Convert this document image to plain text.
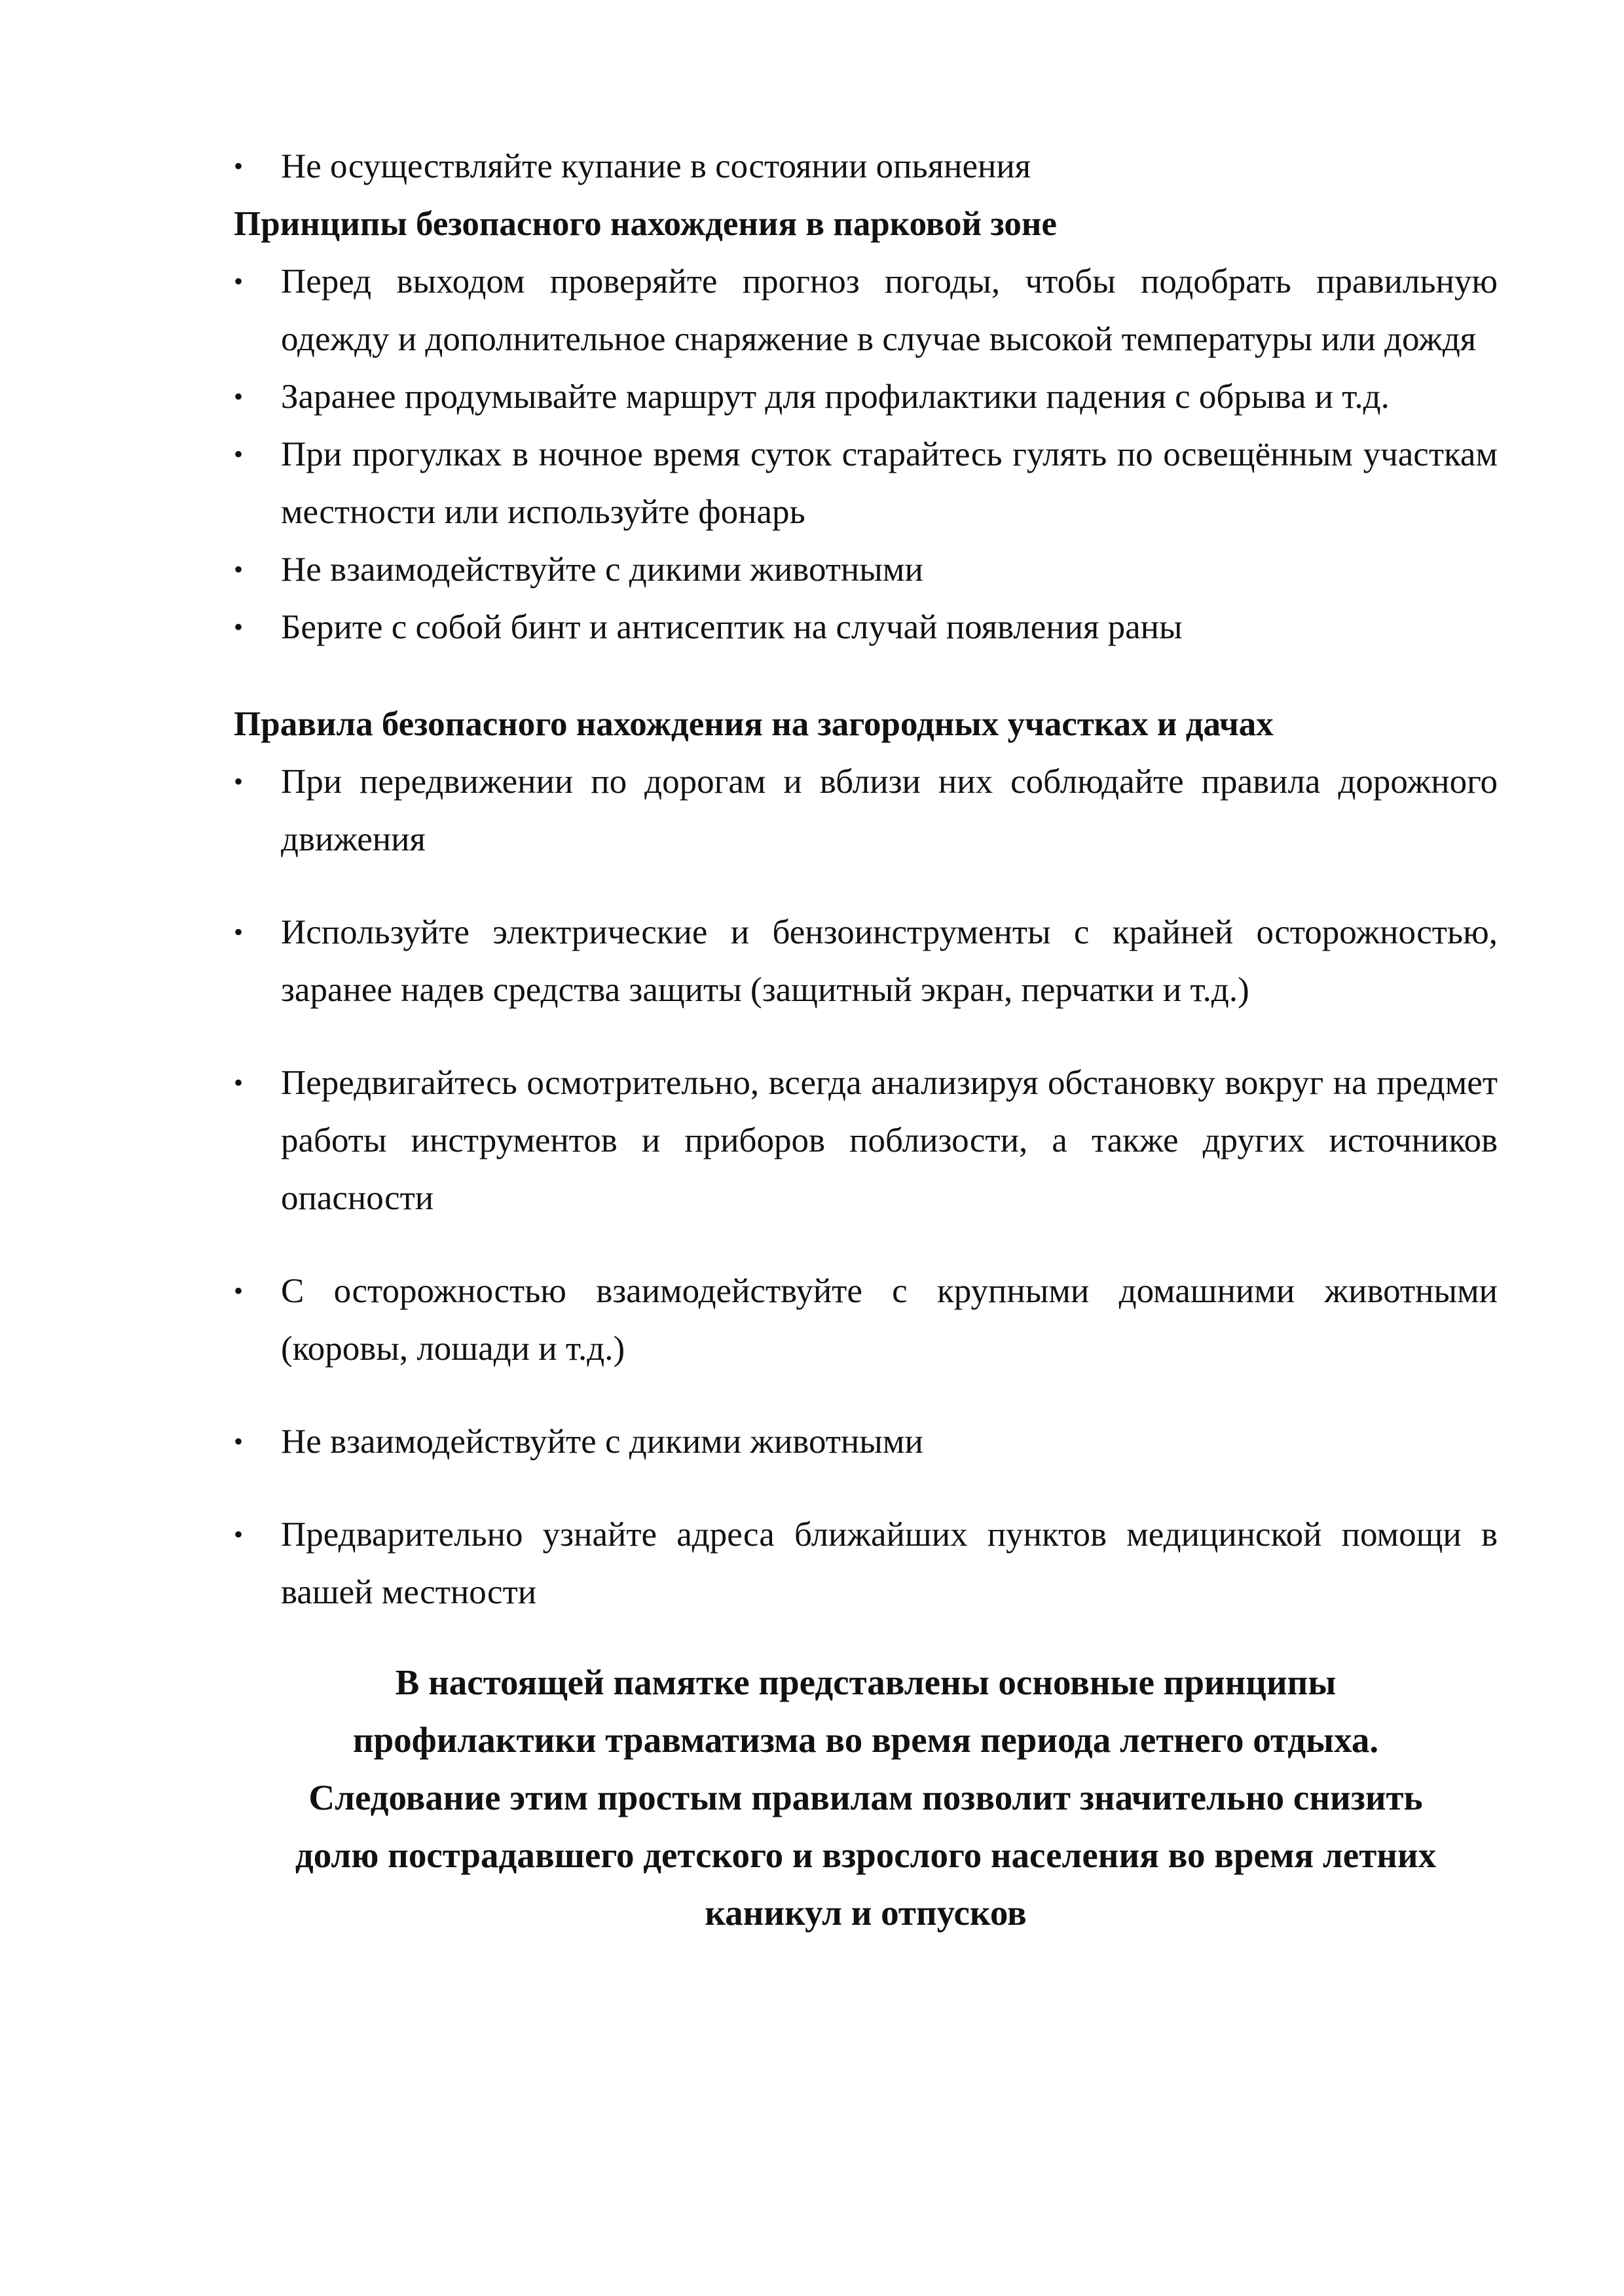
• Не осуществляйте купание в состоянии опьянения

Принципы безопасного нахождения в парковой зоне

• Перед выходом проверяйте прогноз погоды, чтобы подобрать правильную одежду и дополнительное снаряжение в случае высокой температуры или дождя
• Заранее продумывайте маршрут для профилактики падения с обрыва и т.д.
• При прогулках в ночное время суток старайтесь гулять по освещённым участкам местности или используйте фонарь
• Не взаимодействуйте с дикими животными
• Берите с собой бинт и антисептик на случай появления раны

Правила безопасного нахождения на загородных участках и дачах

• При передвижении по дорогам и вблизи них соблюдайте правила дорожного движения
• Используйте электрические и бензоинструменты с крайней осторожностью, заранее надев средства защиты (защитный экран, перчатки и т.д.)
• Передвигайтесь осмотрительно, всегда анализируя обстановку вокруг на предмет работы инструментов и приборов поблизости, а также других источников опасности
• С осторожностью взаимодействуйте с крупными домашними животными (коровы, лошади и т.д.)
• Не взаимодействуйте с дикими животными
• Предварительно узнайте адреса ближайших пунктов медицинской помощи в вашей местности
В настоящей памятке представлены основные принципы
профилактики травматизма во время периода летнего отдыха.
Следование этим простым правилам позволит значительно снизить
долю пострадавшего детского и взрослого населения во время летних
каникул и отпусков
